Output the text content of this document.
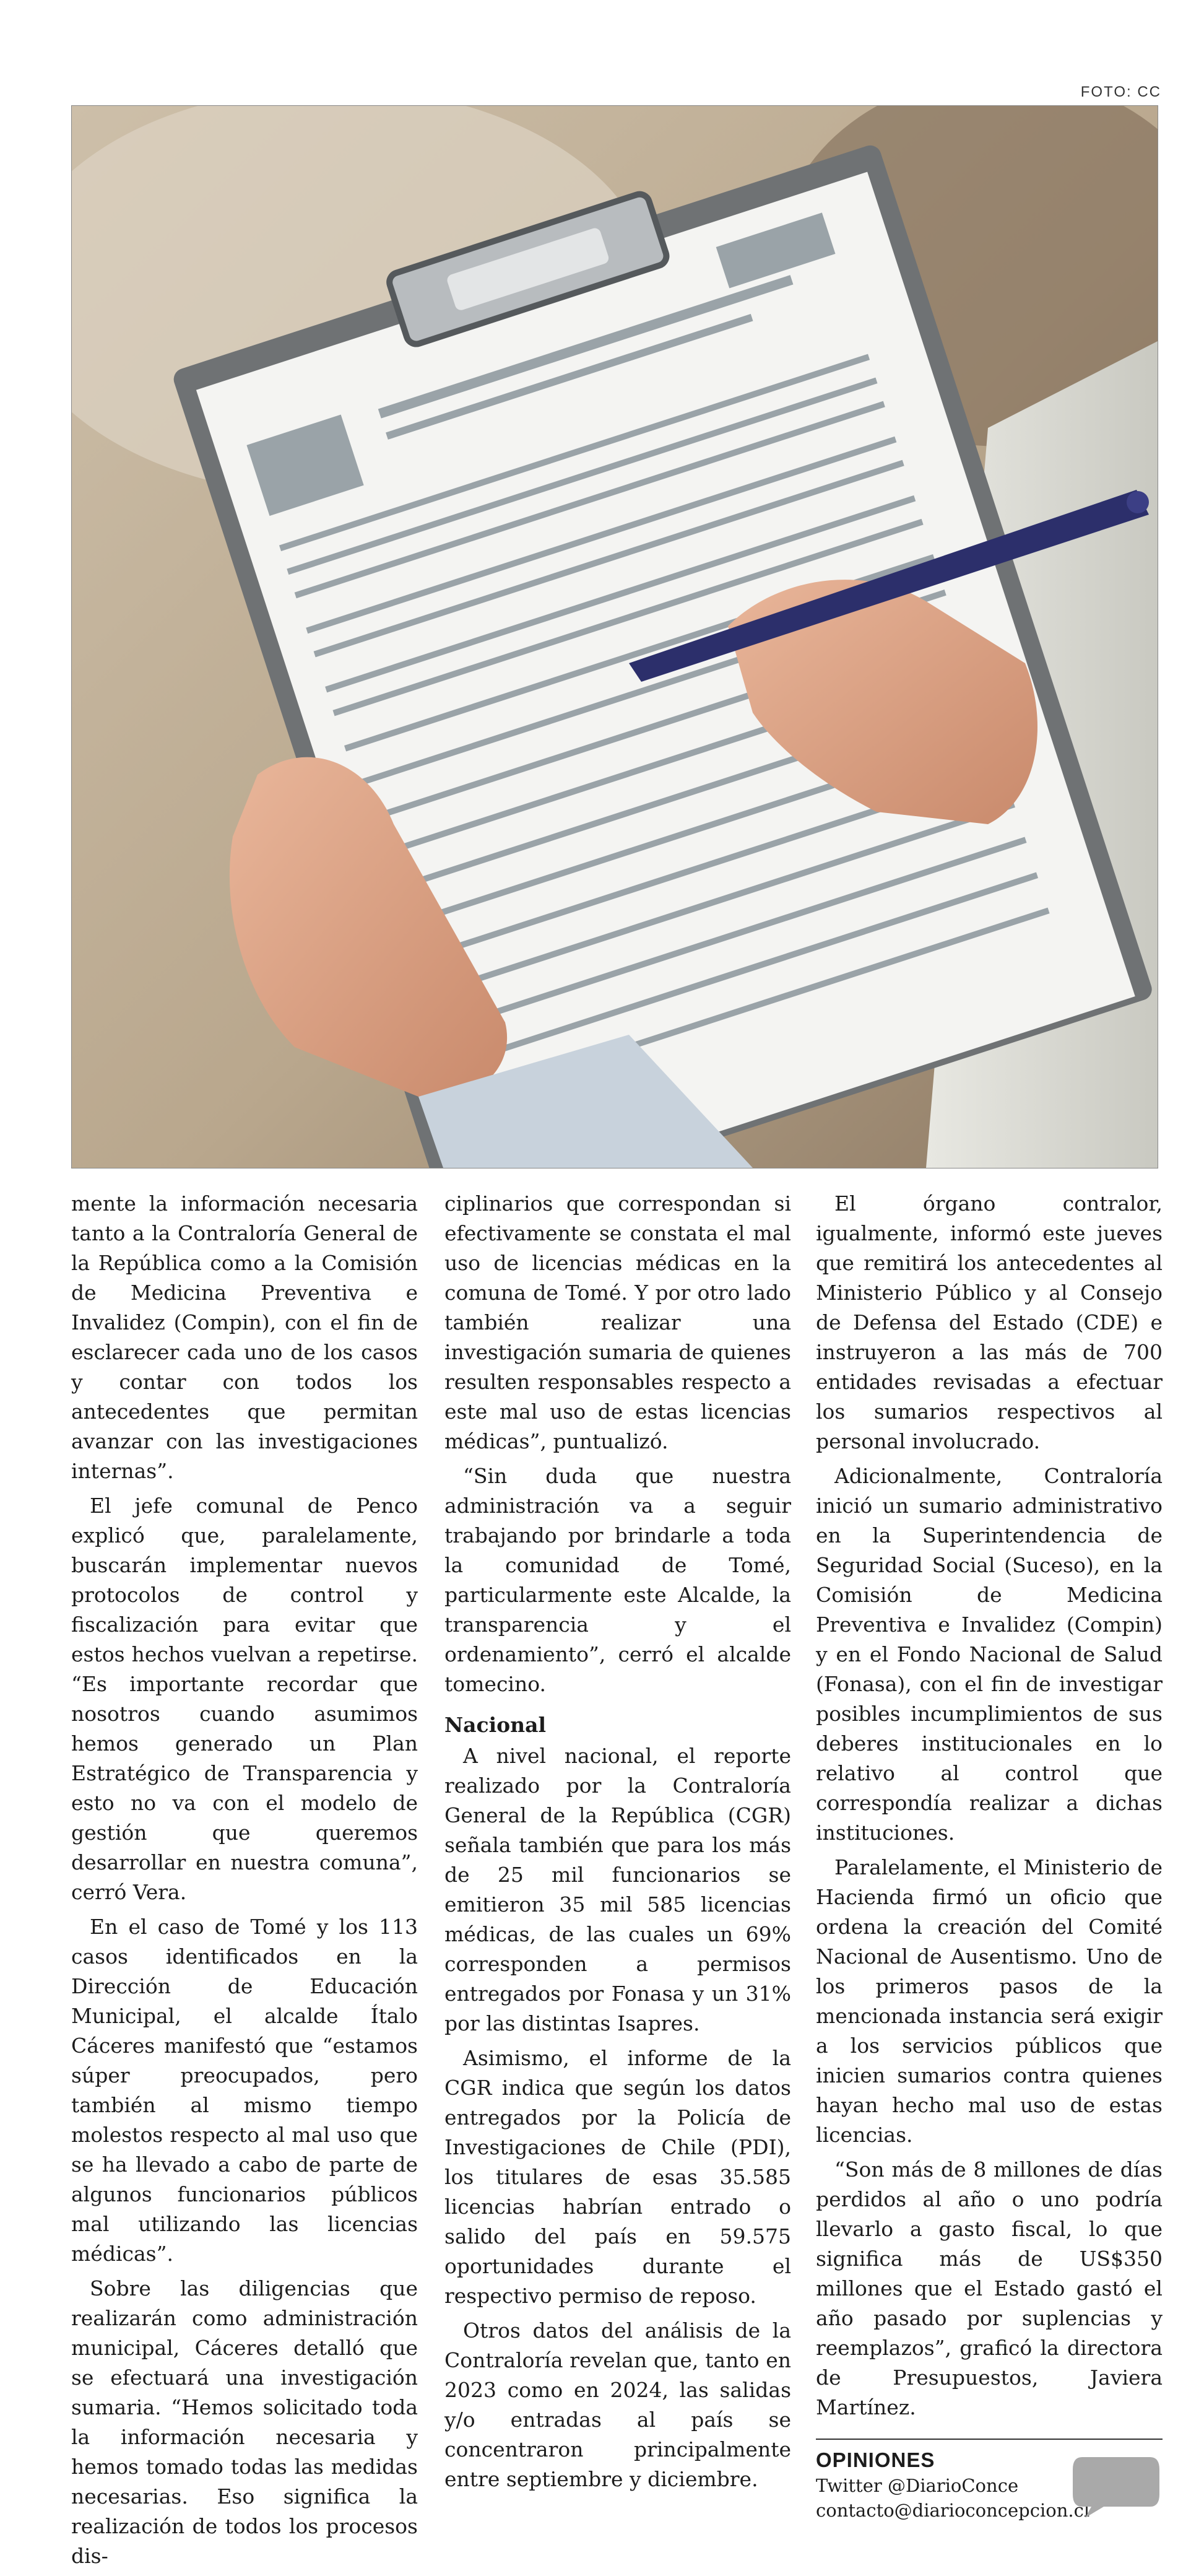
FOTO: CC

mente la información necesaria tanto a la Contraloría General de la República como a la Comisión de Medicina Preventiva e Invalidez (Compin), con el fin de esclarecer cada uno de los casos y contar con todos los antecedentes que permitan avanzar con las investigaciones internas”.

El jefe comunal de Penco explicó que, paralelamente, buscarán implementar nuevos protocolos de control y fiscalización para evitar que estos hechos vuelvan a repetirse. “Es importante recordar que nosotros cuando asumimos hemos generado un Plan Estratégico de Transparencia y esto no va con el modelo de gestión que queremos desarrollar en nuestra comuna”, cerró Vera.

En el caso de Tomé y los 113 casos identificados en la Dirección de Educación Municipal, el alcalde Ítalo Cáceres manifestó que “estamos súper preocupados, pero también al mismo tiempo molestos respecto al mal uso que se ha llevado a cabo de parte de algunos funcionarios públicos mal utilizando las licencias médicas”.

Sobre las diligencias que realizarán como administración municipal, Cáceres detalló que se efectuará una investigación sumaria. “Hemos solicitado toda la información necesaria y hemos tomado todas las medidas necesarias. Eso significa la realización de todos los procesos dis-

ciplinarios que correspondan si efectivamente se constata el mal uso de licencias médicas en la comuna de Tomé. Y por otro lado también realizar una investigación sumaria de quienes resulten responsables respecto a este mal uso de estas licencias médicas”, puntualizó.

“Sin duda que nuestra administración va a seguir trabajando por brindarle a toda la comunidad de Tomé, particularmente este Alcalde, la transparencia y el ordenamiento”, cerró el alcalde tomecino.

Nacional

A nivel nacional, el reporte realizado por la Contraloría General de la República (CGR) señala también que para los más de 25 mil funcionarios se emitieron 35 mil 585 licencias médicas, de las cuales un 69% corresponden a permisos entregados por Fonasa y un 31% por las distintas Isapres.

Asimismo, el informe de la CGR indica que según los datos entregados por la Policía de Investigaciones de Chile (PDI), los titulares de esas 35.585 licencias habrían entrado o salido del país en 59.575 oportunidades durante el respectivo permiso de reposo.

Otros datos del análisis de la Contraloría revelan que, tanto en 2023 como en 2024, las salidas y/o entradas al país se concentraron principalmente entre septiembre y diciembre.

El órgano contralor, igualmente, informó este jueves que remitirá los antecedentes al Ministerio Público y al Consejo de Defensa del Estado (CDE) e instruyeron a las más de 700 entidades revisadas a efectuar los sumarios respectivos al personal involucrado.

Adicionalmente, Contraloría inició un sumario administrativo en la Superintendencia de Seguridad Social (Suceso), en la Comisión de Medicina Preventiva e Invalidez (Compin) y en el Fondo Nacional de Salud (Fonasa), con el fin de investigar posibles incumplimientos de sus deberes institucionales en lo relativo al control que correspondía realizar a dichas instituciones.

Paralelamente, el Ministerio de Hacienda firmó un oficio que ordena la creación del Comité Nacional de Ausentismo. Uno de los primeros pasos de la mencionada instancia será exigir a los servicios públicos que inicien sumarios contra quienes hayan hecho mal uso de estas licencias.

“Son más de 8 millones de días perdidos al año o uno podría llevarlo a gasto fiscal, lo que significa más de US$350 millones que el Estado gastó el año pasado por suplencias y reemplazos”, graficó la directora de Presupuestos, Javiera Martínez.

OPINIONES
Twitter @DiarioConce
contacto@diarioconcepcion.cl
